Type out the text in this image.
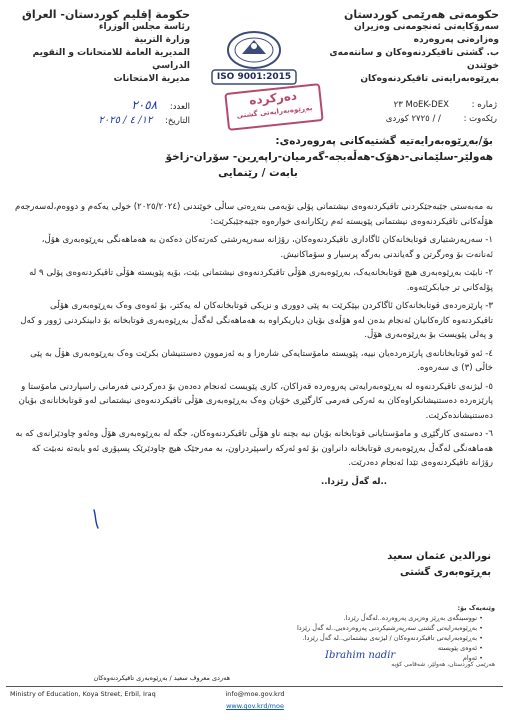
حکومەتی هەرێمی کوردستان
سەرۆکایەتی ئەنجومەنی وەزیران
وەزارەتی پەروەردە
ب. گشتی تاقیکردنەوەکان و سانتەمەی خوێندن
بەڕێوەبەرایەتی تاقیکردنەوەکان
حكومة إقليم كوردستان- العراق
رئاسة مجلس الوزراء
وزارة التربية
المديرية العامة للامتحانات و التقويم الدراسي
مديرية الامتحانات	ISO 9001:2015
دەرکردە
بەڕێوەبەرایەتی گشتی	ژمارە : MoEK-DEX ٢٣
رێکەوت : / / ٢٧٢٥ کوردی
العدد: ٢٠٥٨
التاريخ: ١٢/ ٤ / ٢٠٢٥
بۆ/بەڕێوەبەرایەتیە گشتیەکانی پەروەردەی:
هەولێر-سلێمانی-دهۆک-هەڵەبجە-گەرمیان-راپەڕین- سۆران-زاخۆ
بابەت / رێنمایی

بە مەبەستی جێبەجێکردنی تاقیکردنەوەی نیشتمانی پۆلی نۆیەمی بنەڕەتی ساڵی خوێندنی (٢٠٢٥/٢٠٢٤) خولی یەکەم و دووەم،لەسەرجەم هۆڵەکانی تاقیکردنەوەی نیشتمانی پێویستە ئەم رێکارانەی خوارەوە جێبەجێبکرێت:

١- سەرپەرشتیاری قوتابخانەکان ئاگاداری تاقیکردنەوەکان، رۆژانە سەرپەرشتی کەرتەکان دەکەن بە هەماهەنگی بەڕێوەبەری هۆڵ، ئەنانەت بۆ وەرگرتن و گەیاندنی بەرگە پرسیار و سۆماکانیش.

٢- نابێت بەڕێوەبەری هیچ قوتابخانەیەک، بەڕێوەبەری هۆڵی تاقیکردنەوەی نیشتمانی بێت، بۆیە پێویستە هۆڵی تاقیکردنەوەی پۆلی ٩ لە پۆلەکانی تر جیابکرێتەوە.

٣- پارێزەردەی قوتابخانەکان ئاگاکردن بپێکرێت بە پێی دووری و نزیکی قوتابخانەکان لە یەکتر، بۆ ئەوەی وەک بەڕێوەبەری هۆڵی تاقیکردنەوە کارەکانیان ئەنجام بدەن لەو هۆڵەی بۆیان دیاریکراوە بە هەماهەنگی لەگەڵ بەڕێوەبەری قوتابخانە بۆ دابینکردنی ژوور و کەل و پەلی پێویست بۆ بەڕێوەبەری هۆڵ.

٤- ئەو قوتابخانانەی پارێزەردەیان نییە، پێویستە مامۆستایەکی شارەزا و بە ئەزموون دەستنیشان بکرێت وەک بەڕێوەبەری هۆڵ بە پێی خاڵی (٣) ی سەرەوە.

٥- لیژنەی تاقیکردنەوە لە بەڕێوەبەرایەتی پەروەردە قەزاکان، کاری پێویست ئەنجام دەدەن بۆ دەرکردنی فەرمانی راسپاردنی مامۆستا و پارێزەردە دەستنیشانکراوەکان بە ئەرکی فەرمی کارگێڕی خۆیان وەک بەڕێوەبەری هۆڵی تاقیکردنەوەی نیشتمانی لەو قوتابخانانەی بۆیان دەستنیشاندەکرێت.

٦- دەستەی کارگێڕی و مامۆستایانی قوتابخانە بۆیان نیە بچنە ناو هۆڵی تاقیکردنەوەکان، جگە لە بەڕێوەبەری هۆڵ وەئەو چاودێرانەی کە بە هەماهەنگی لەگەڵ بەڕێوەبەری قوتابخانە دانراون بۆ ئەو ئەرکە راسپێردراون، بە مەرجێک هیچ چاودێرێک پسپۆری ئەو بابەتە نەبێت کە رۆژانە تاقیکردنەوەی تێدا ئەنجام دەدرێت.

..لە گەڵ رێزدا..

نورالدين عثمان سعيد
بەڕێوەبەری گشتی
وێنەیەک بۆ:
• نووسینگەی بەڕێز وەزیری پەروەردە..لەگەڵ رێزدا.
• بەڕێوەبەرایەتی گشتی سەرپەرشتیکردنی پەروەردەیی..لە گەڵ رێزدا
• بەڕێوەبەرایەتی تاقیکردنەوەکان / لیژنەی نیشتمانی..لە گەڵ رێزدا.
• ئەوەی پێویستە
• ئەوام
Ibrahim nadir
هەرێمی کوردستان، هەولێر، شەقامی کۆیە
هەردی معروف سعید / بەڕێوەبەری تاقیکردنەوەکان
Ministry of Education, Koya Street, Erbil, Iraq	info@moe.gov.krd
www.gov.krd/moe
